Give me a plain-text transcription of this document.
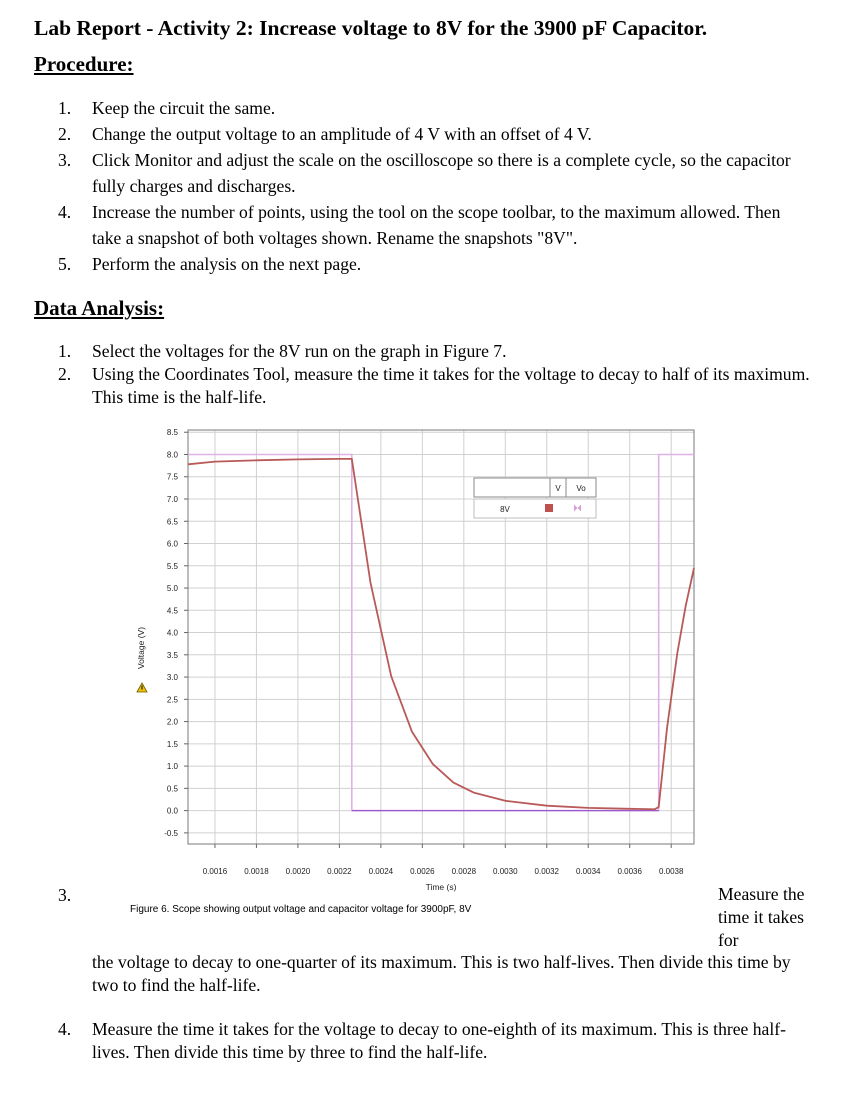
Lab Report - Activity 2: Increase voltage to 8V for the 3900 pF Capacitor.
Procedure:
1. Keep the circuit the same.
2. Change the output voltage to an amplitude of 4 V with an offset of 4 V.
3. Click Monitor and adjust the scale on the oscilloscope so there is a complete cycle, so the capacitor fully charges and discharges.
4. Increase the number of points, using the tool on the scope toolbar, to the maximum allowed. Then take a snapshot of both voltages shown. Rename the snapshots "8V".
5. Perform the analysis on the next page.
Data Analysis:
1. Select the voltages for the 8V run on the graph in Figure 7.
2. Using the Coordinates Tool, measure the time it takes for the voltage to decay to half of its maximum. This time is the half-life.
8.5
8.0
7.5
7.0
6.5
6.0
5.5
5.0
4.5
4.0
3.5
3.0
2.5
2.0
1.5
1.0
0.5
0.0
-0.5
0.0016 0.0018 0.0020 0.0022 0.0024 0.0026 0.0028 0.0030 0.0032 0.0034 0.0036 0.0038
Voltage (V)
Time (s)
V Vo
8V
Figure 6. Scope showing output voltage and capacitor voltage for 3900pF, 8V
3.	Measure the time it takes for
the voltage to decay to one-quarter of its maximum. This is two half-lives. Then divide this time by two to find the half-life.
4. Measure the time it takes for the voltage to decay to one-eighth of its maximum. This is three half-lives. Then divide this time by three to find the half-life.
